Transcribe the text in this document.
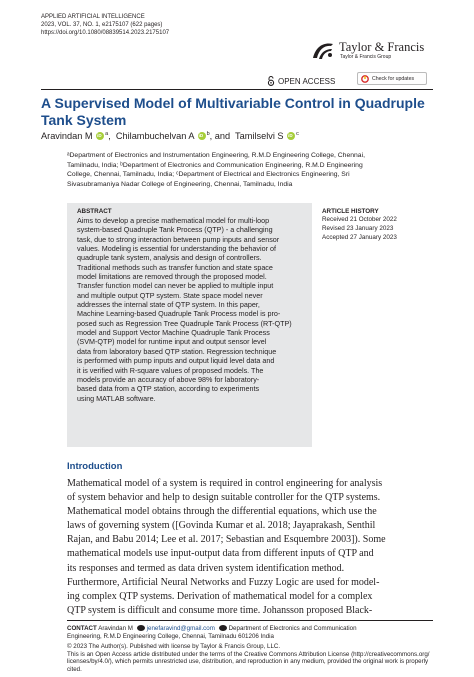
APPLIED ARTIFICIAL INTELLIGENCE
2023, VOL. 37, NO. 1, e2175107 (622 pages)
https://doi.org/10.1080/08839514.2023.2175107
Taylor & Francis
Taylor & Francis Group
OPEN ACCESS	Check for updates
A Supervised Model of Multivariable Control in Quadruple Tank System
Aravindan M iD $^a$,  Chilambuchelvan A iD $^b$, and  Tamilselvi S iD $^c$
ᵃDepartment of Electronics and Instrumentation Engineering, R.M.D Engineering College, Chennai,
Tamilnadu, India; ᵇDepartment of Electronics and Communication Engineering, R.M.D Engineering
College, Chennai, Tamilnadu, India; ᶜDepartment of Electrical and Electronics Engineering, Sri
Sivasubramaniya Nadar College of Engineering, Chennai, Tamilnadu, India
ABSTRACT
Aims to develop a precise mathematical model for multi-loop
system-based Quadruple Tank Process (QTP) - a challenging
task, due to strong interaction between pump inputs and sensor
values. Modeling is essential for understanding the behavior of
quadruple tank system, analysis and design of controllers.
Traditional methods such as transfer function and state space
model limitations are removed through the proposed model.
Transfer function model can never be applied to multiple input
and multiple output QTP system. State space model never
addresses the internal state of QTP system. In this paper,
Machine Learning-based Quadruple Tank Process model is pro-
posed such as Regression Tree Quadruple Tank Process (RT-QTP)
model and Support Vector Machine Quadruple Tank Process
(SVM-QTP) model for runtime input and output sensor level
data from laboratory based QTP station. Regression technique
is performed with pump inputs and output liquid level data and
it is verified with R-square values of proposed models. The
models provide an accuracy of above 98% for laboratory-
based data from a QTP station, according to experiments
using MATLAB software.
ARTICLE HISTORY
Received 21 October 2022
Revised 23 January 2023
Accepted 27 January 2023
Introduction
Mathematical model of a system is required in control engineering for analysis
of system behavior and help to design suitable controller for the QTP systems.
Mathematical model obtains through the differential equations, which use the
laws of governing system ([Govinda Kumar et al. 2018; Jayaprakash, Senthil
Rajan, and Babu 2014; Lee et al. 2017; Sebastian and Esquembre 2003]). Some
mathematical models use input-output data from different inputs of QTP and
its responses and termed as data driven system identification method.
Furthermore, Artificial Neural Networks and Fuzzy Logic are used for model-
ing complex QTP systems. Derivation of mathematical model for a complex
QTP system is difficult and consume more time. Johansson proposed Black-
CONTACT Aravindan M jenefaravind@gmail.com Department of Electronics and Communication
Engineering, R.M.D Engineering College, Chennai, Tamilnadu 601206 India
© 2023 The Author(s). Published with license by Taylor & Francis Group, LLC.
This is an Open Access article distributed under the terms of the Creative Commons Attribution License (http://creativecommons.org/
licenses/by/4.0/), which permits unrestricted use, distribution, and reproduction in any medium, provided the original work is properly
cited.
